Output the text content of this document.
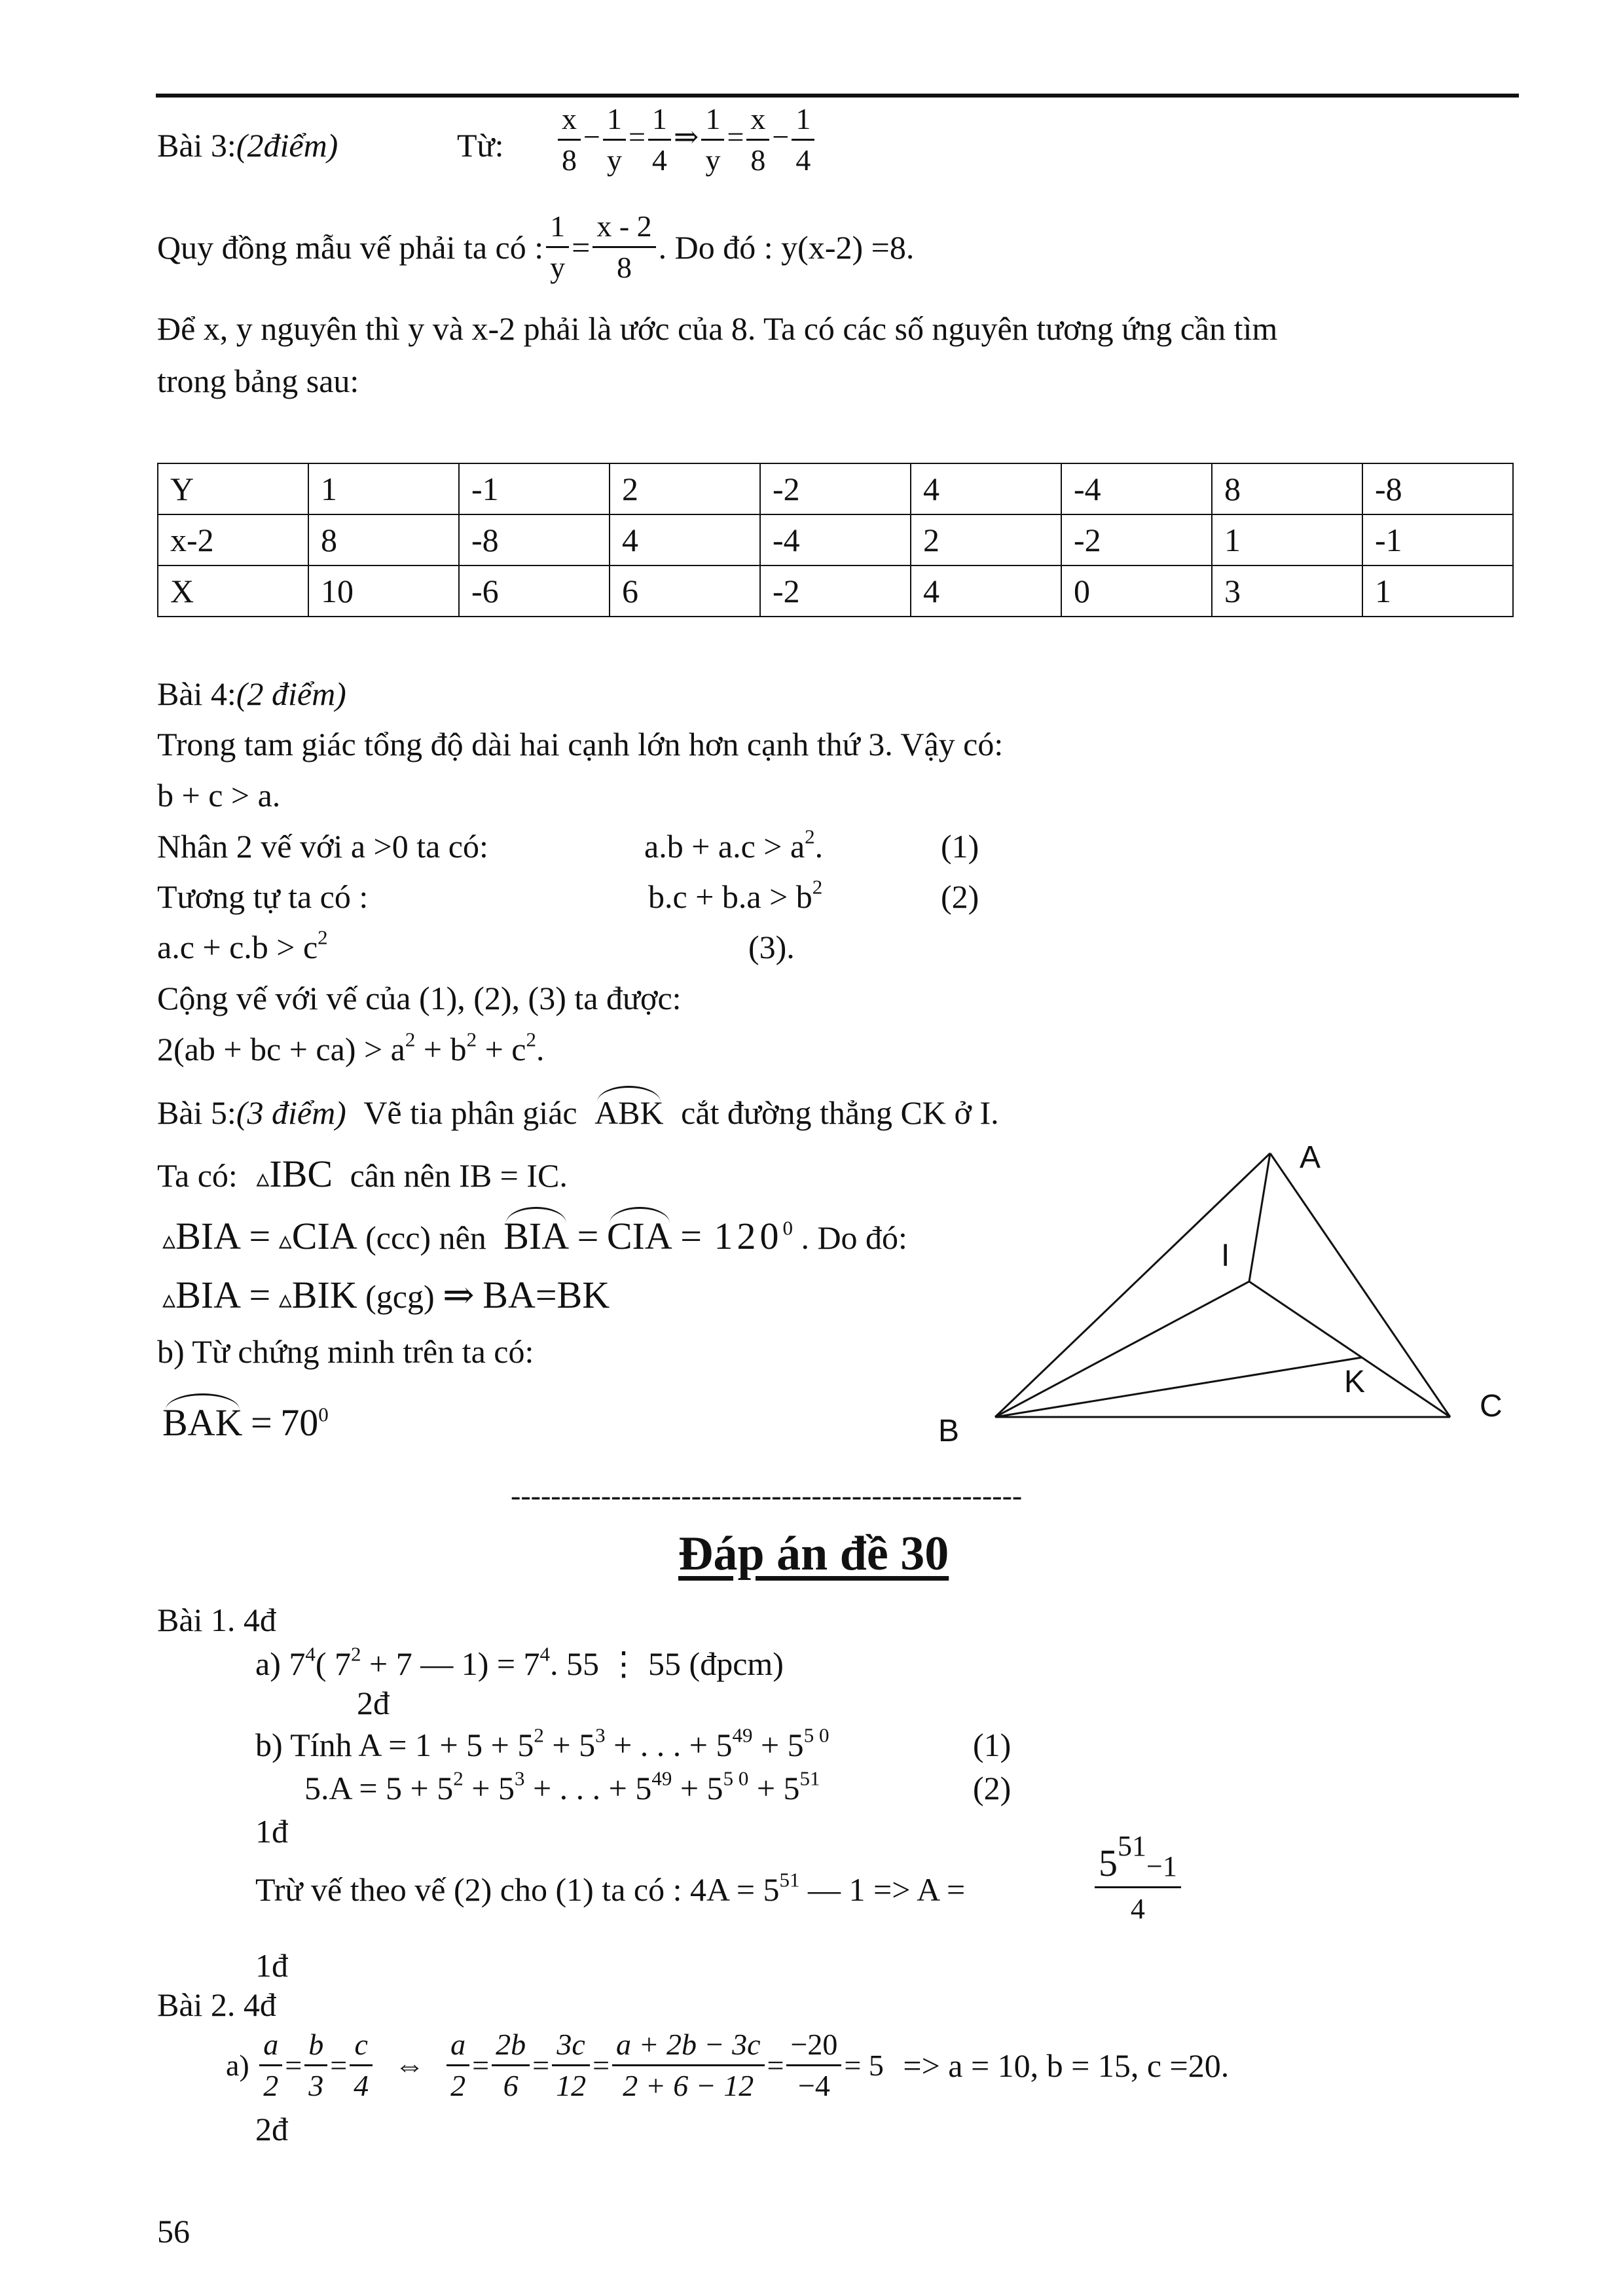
Bài 3:(2điểm)	Từ: $\frac{x}{8} - \frac{1}{y} = \frac{1}{4}$ ⇒ $\frac{1}{y} = \frac{x}{8} - \frac{1}{4}$
Quy đồng mẫu vế phải ta có : $\frac{1}{y} = \frac{x - 2}{8}$ . Do đó : y(x-2) =8.
Để x, y nguyên thì y và x-2 phải là ước của 8. Ta có các số nguyên tương ứng cần tìm
trong bảng sau:
Y	1	-1	2	-2	4	-4	8	-8
x-2	8	-8	4	-4	2	-2	1	-1
X	10	-6	6	-2	4	0	3	1
Bài 4:(2 điểm)
Trong tam giác tổng độ dài hai cạnh lớn hơn cạnh thứ 3. Vậy có:
b + c > a.
Nhân 2 vế với a >0 ta có:	$a.b + a.c > a^2$.	(1)
Tương tự ta có :	$b.c + b.a > b^2$	(2)
$a.c + c.b > c^2$	(3).
Cộng vế với vế của (1), (2), (3) ta được:
2(ab + bc + $ca) > a^2 + b^2 + c^2$.
Bài 5:(3 điểm) Vẽ tia phân giác ABK cắt đường thẳng CK ở I.
Ta có: ▵IBC cân nên IB = IC.
▵BIA = ▵CIA (ccc) nên BIA = CIA = $120^0$ . Do đó:
▵BIA = ▵BIK (gcg) ⇒ BA=BK
b) Từ chứng minh trên ta có:
BAK = $70^0$
A
I
K
C
B
---------------------------------------------------
Đáp án đề 30
Bài 1. 4đ
a) $7^4$( $7^2 + 7$ — $1) = 7^4$. 55 ⋮ 55 (đpcm)
2đ
b) Tính $A = 1 + 5 + 5^2 + 5^3$ + . . . + $5^{49} + 5^{5 0}$	(1)
$5.A = 5 + 5^2 + 5^3$ + . . . + $5^{49} + 5^{5 0} + 5^{51}$	(2)
1đ
Trừ vế theo vế (2) cho (1) ta có : $4A = 5^{51}$ — 1 => A =
$5^{51}-1$
4
1đ
Bài 2. 4đ
$a) \frac{a}{2} = \frac{b}{3} = \frac{c}{4}$ ⇔ $\frac{a}{2} = \frac{2b}{6} = \frac{3c}{12} = \frac{a + 2b - 3c}{2 + 6 - 12} = \frac{-20}{-4} = 5 => a = 10$, b = 15, c =20.
2đ
56
